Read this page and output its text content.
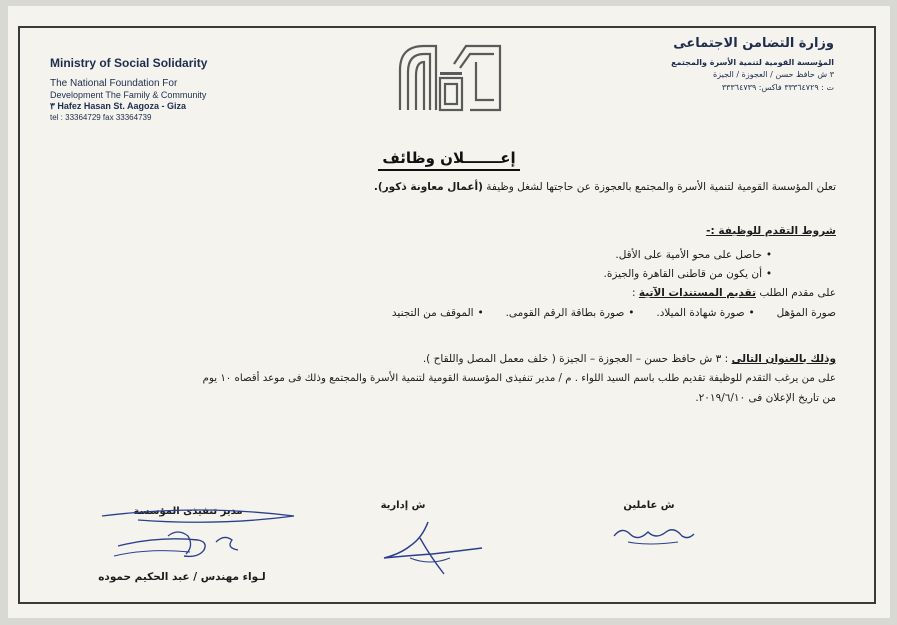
Ministry of Social Solidarity
The National Foundation For
Development The Family & Community
٣ Hafez Hasan St. Aagoza - Giza
tel : 33364729 fax 33364739
وزارة التضامن الاجتماعى
المؤسسة القومية لتنمية الأسرة والمجتمع
٣ ش حافظ حسن / العجوزة / الجيزة
ت : ٣٣٣٦٤٧٢٩ فاكس: ٣٣٣٦٤٧٣٩
إعـــــــلان وظائف
تعلن المؤسسة القومية لتنمية الأسرة والمجتمع بالعجوزة عن حاجتها لشغل وظيفة (أعمال معاونة ذكور).
شروط التقدم للوظيفة :-
•حاصل على محو الأمية على الأقل.
•أن يكون من قاطنى القاهرة والجيزة.
على مقدم الطلب تقديم المستندات الآتية :
صورة المؤهل
•صورة شهادة الميلاد.
•صورة بطاقة الرقم القومى.
•الموقف من التجنيد
وذلك بالعنوان التالى : ٣ ش حافظ حسن – العجوزة – الجيزة ( خلف معمل المصل واللقاح ).
على من يرغب التقدم للوظيفة تقديم طلب باسم السيد اللواء . م / مدير تنفيذى المؤسسة القومية لتنمية الأسرة والمجتمع وذلك فى موعد أقصاه ١٠ يوم
من تاريخ الإعلان فى ٢٠١٩/٦/١٠.
ش عاملين
ش إدارية
مدير تنفيذى المؤسسة
لـواء مهندس / عبد الحكيم حموده
